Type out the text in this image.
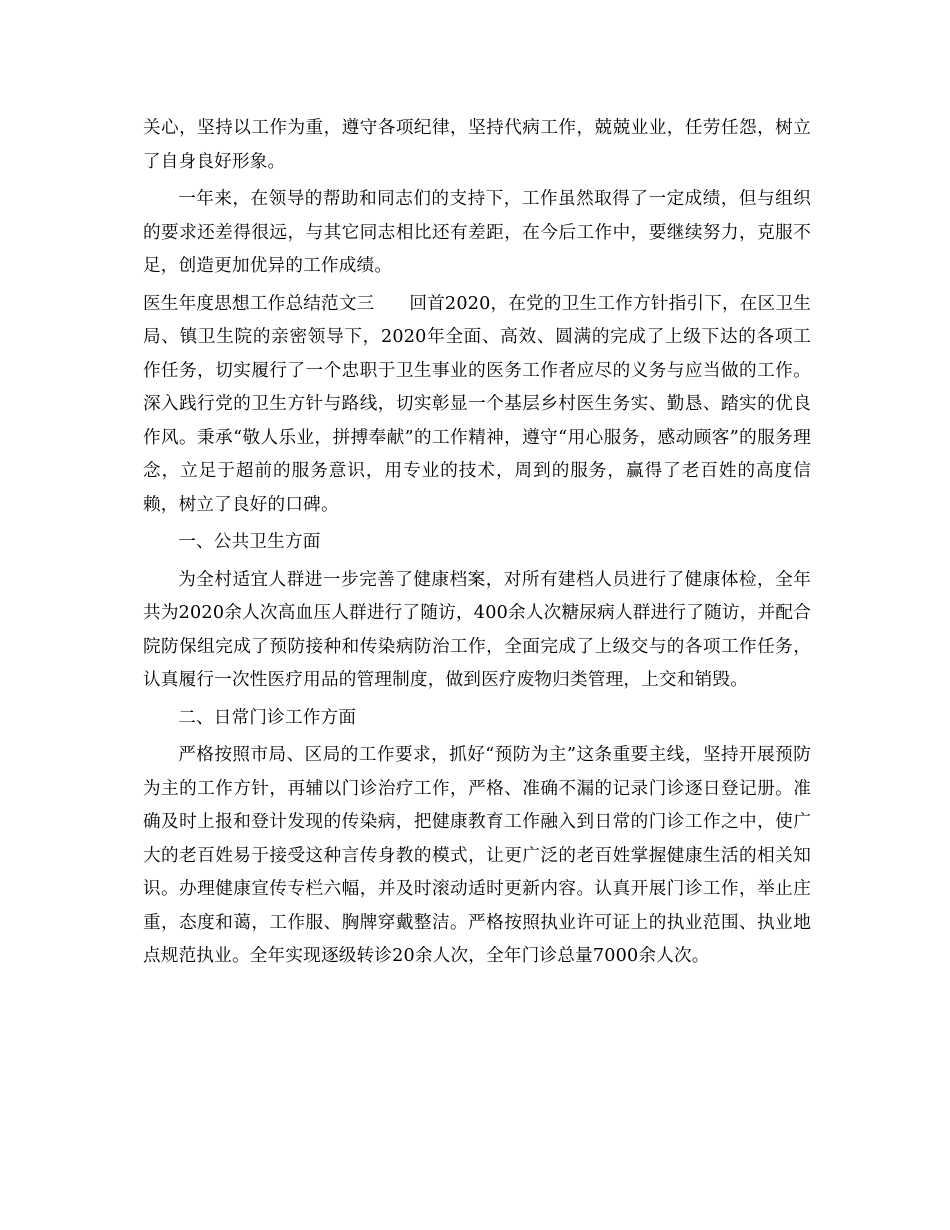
关心，坚持以工作为重，遵守各项纪律，坚持代病工作，兢兢业业，任劳任怨，树立了自身良好形象。

一年来，在领导的帮助和同志们的支持下，工作虽然取得了一定成绩，但与组织的要求还差得很远，与其它同志相比还有差距，在今后工作中，要继续努力，克服不足，创造更加优异的工作成绩。

医生年度思想工作总结范文三 回首2020，在党的卫生工作方针指引下，在区卫生局、镇卫生院的亲密领导下，2020年全面、高效、圆满的完成了上级下达的各项工作任务，切实履行了一个忠职于卫生事业的医务工作者应尽的义务与应当做的工作。深入践行党的卫生方针与路线，切实彰显一个基层乡村医生务实、勤恳、踏实的优良作风。秉承“敬人乐业，拼搏奉献”的工作精神，遵守“用心服务，感动顾客”的服务理念，立足于超前的服务意识，用专业的技术，周到的服务，赢得了老百姓的高度信赖，树立了良好的口碑。

一、公共卫生方面

为全村适宜人群进一步完善了健康档案，对所有建档人员进行了健康体检，全年共为2020余人次高血压人群进行了随访，400余人次糖尿病人群进行了随访，并配合院防保组完成了预防接种和传染病防治工作，全面完成了上级交与的各项工作任务，认真履行一次性医疗用品的管理制度，做到医疗废物归类管理，上交和销毁。

二、日常门诊工作方面

严格按照市局、区局的工作要求，抓好“预防为主”这条重要主线，坚持开展预防为主的工作方针，再辅以门诊治疗工作，严格、准确不漏的记录门诊逐日登记册。准确及时上报和登计发现的传染病，把健康教育工作融入到日常的门诊工作之中，使广大的老百姓易于接受这种言传身教的模式，让更广泛的老百姓掌握健康生活的相关知识。办理健康宣传专栏六幅，并及时滚动适时更新内容。认真开展门诊工作，举止庄重，态度和蔼，工作服、胸牌穿戴整洁。严格按照执业许可证上的执业范围、执业地点规范执业。全年实现逐级转诊20余人次，全年门诊总量7000余人次。
